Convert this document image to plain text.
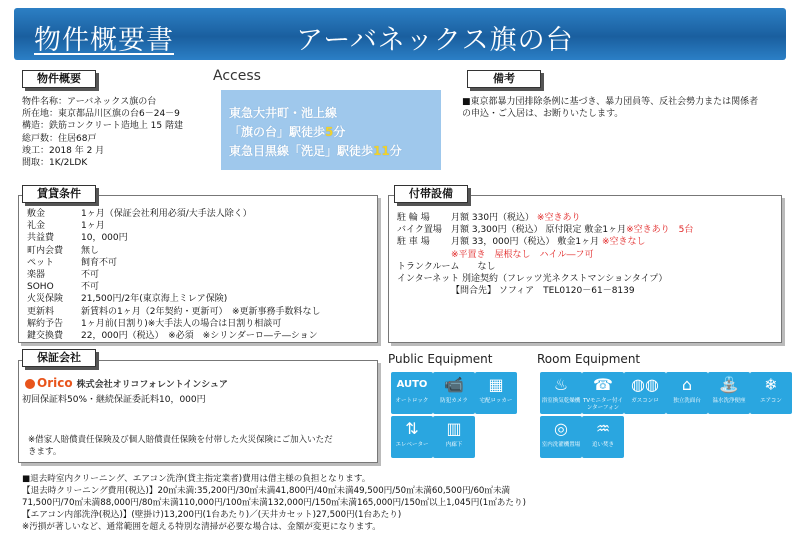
物件概要書	アーバネックス旗の台
物件概要
物件名称：アーバネックス旗の台
所在地：東京都品川区旗の台6－24－9
構造：鉄筋コンクリート造地上 15 階建
総戸数：住居68戸
竣工：2018 年 2 月
間取：1K/2LDK
Access
東急大井町・池上線
「旗の台」駅徒歩5分
東急目黒線「洗足」駅徒歩11分
備考
■東京都暴力団排除条例に基づき、暴力団員等、反社会勢力または関係者
の申込・ご入居は、お断りいたします。
敷金	1ヶ月（保証会社利用必須/大手法人除く）
礼金	1ヶ月
共益費	10，000円
町内会費	無し
ペット	飼育不可
楽器	不可
SOHO	不可
火災保険	21,500円/2年(東京海上ミレア保険)
更新料	新賃料の1ヶ月（2年契約・更新可）　※更新事務手数料なし
解約予告	1ヶ月前(日割り)※大手法人の場合は日割り相談可
鍵交換費	22，000円（税込）　※必須　※シリンダーロ―テ―ション
賃貸条件
駐 輪 場	月額 330円（税込）
※空きあり
バイク置場	月額 3,300円（税込） 原付限定 敷金1ヶ月 ※空きあり　5台
駐 車 場	月額 33，000円（税込） 敷金1ヶ月
※空きなし
※平置き　屋根なし　ハイル―フ可
トランクルーム　　なし
インターネット 別途契約（フレッツ光ネクストマンションタイプ）
【問合先】 ソフィア　TEL0120－61－8139
付帯設備
保証会社
Orico 株式会社オリコフォレントインシュア
初回保証料50%・継続保証委託料10，000円
※借家人賠償責任保険及び個人賠償責任保険を付帯した火災保険にご加入いただ
きます。
Public Equipment
AUTO
オートロック
📹
防犯カメラ
▦
宅配ロッカー
⇅
エレベーター
▥
内廊下
Room Equipment
♨
浴室換気乾燥機
☎
TVモニター付インターフォン
◍◍
ガスコンロ
⌂
独立洗面台
⛲
温水洗浄便座
❄
エアコン
◎
室内洗濯機置場
♒
追い焚き
■退去時室内クリーニング、エアコン洗浄(貸主指定業者)費用は借主様の負担となります。
【退去時クリーニング費用(税込)】20㎡未満:35,200円/30㎡未満41,800円/40㎡未満49,500円/50㎡未満60,500円/60㎡未満
71,500円/70㎡未満88,000円/80㎡未満110,000円/100㎡未満132,000円/150㎡未満165,000円/150㎡以上1,045円(1㎡あたり)
【エアコン内部洗浄(税込)】(壁掛け)13,200円(1台あたり)／(天井カセット)27,500円(1台あたり)
※汚損が著しいなど、通常範囲を超える特別な清掃が必要な場合は、金額が変更になります。
